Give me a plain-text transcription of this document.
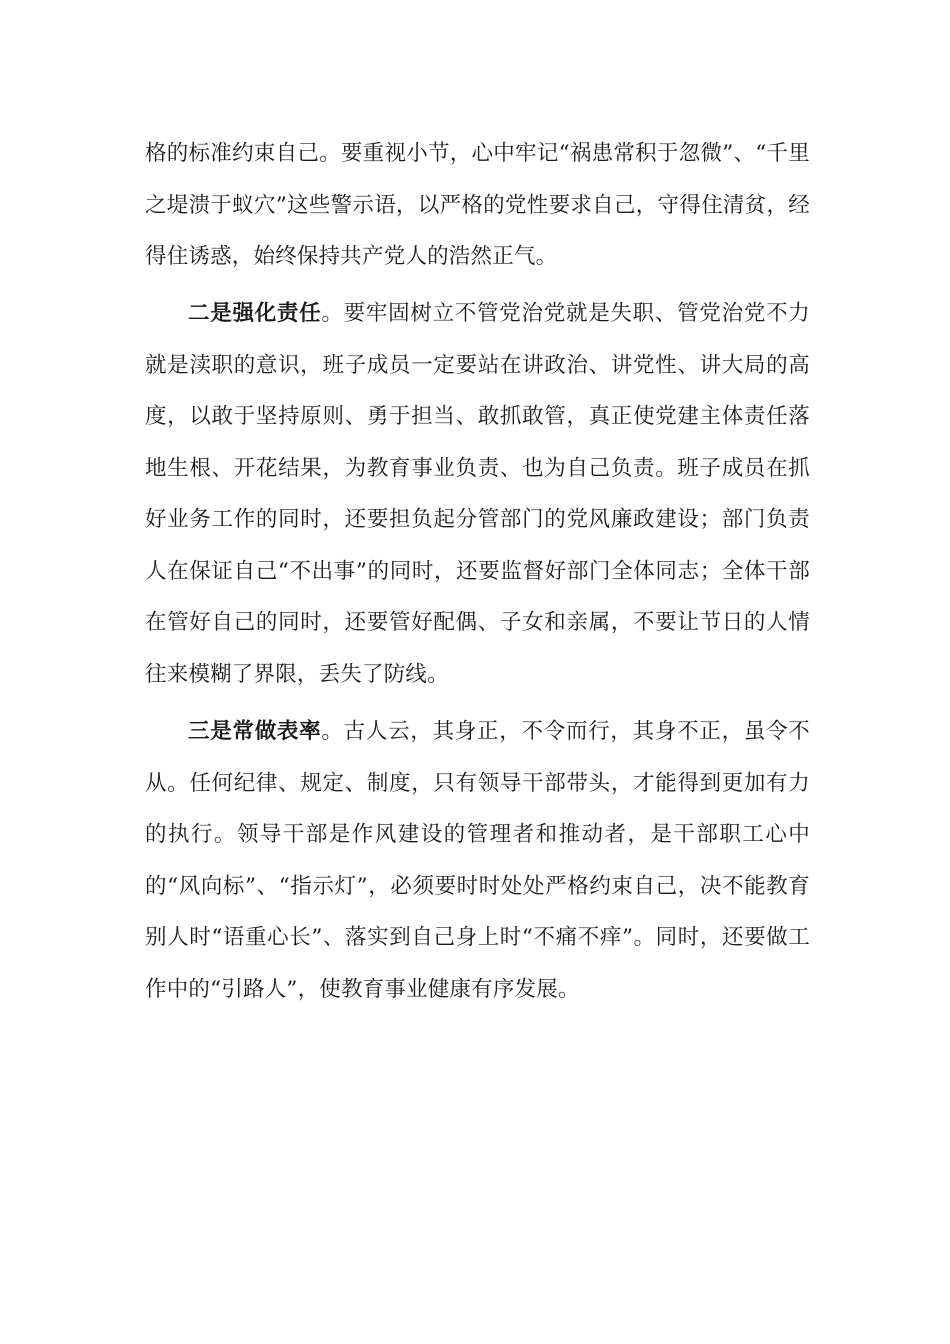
格的标准约束自己。要重视小节，心中牢记“祸患常积于忽微”、“千里之堤溃于蚁穴”这些警示语，以严格的党性要求自己，守得住清贫，经得住诱惑，始终保持共产党人的浩然正气。

二是强化责任。要牢固树立不管党治党就是失职、管党治党不力就是渎职的意识，班子成员一定要站在讲政治、讲党性、讲大局的高度，以敢于坚持原则、勇于担当、敢抓敢管，真正使党建主体责任落地生根、开花结果，为教育事业负责、也为自己负责。班子成员在抓好业务工作的同时，还要担负起分管部门的党风廉政建设；部门负责人在保证自己“不出事”的同时，还要监督好部门全体同志；全体干部在管好自己的同时，还要管好配偶、子女和亲属，不要让节日的人情往来模糊了界限，丢失了防线。

三是常做表率。古人云，其身正，不令而行，其身不正，虽令不从。任何纪律、规定、制度，只有领导干部带头，才能得到更加有力的执行。领导干部是作风建设的管理者和推动者，是干部职工心中的“风向标”、“指示灯”，必须要时时处处严格约束自己，决不能教育别人时“语重心长”、落实到自己身上时“不痛不痒”。同时，还要做工作中的“引路人”，使教育事业健康有序发展。
